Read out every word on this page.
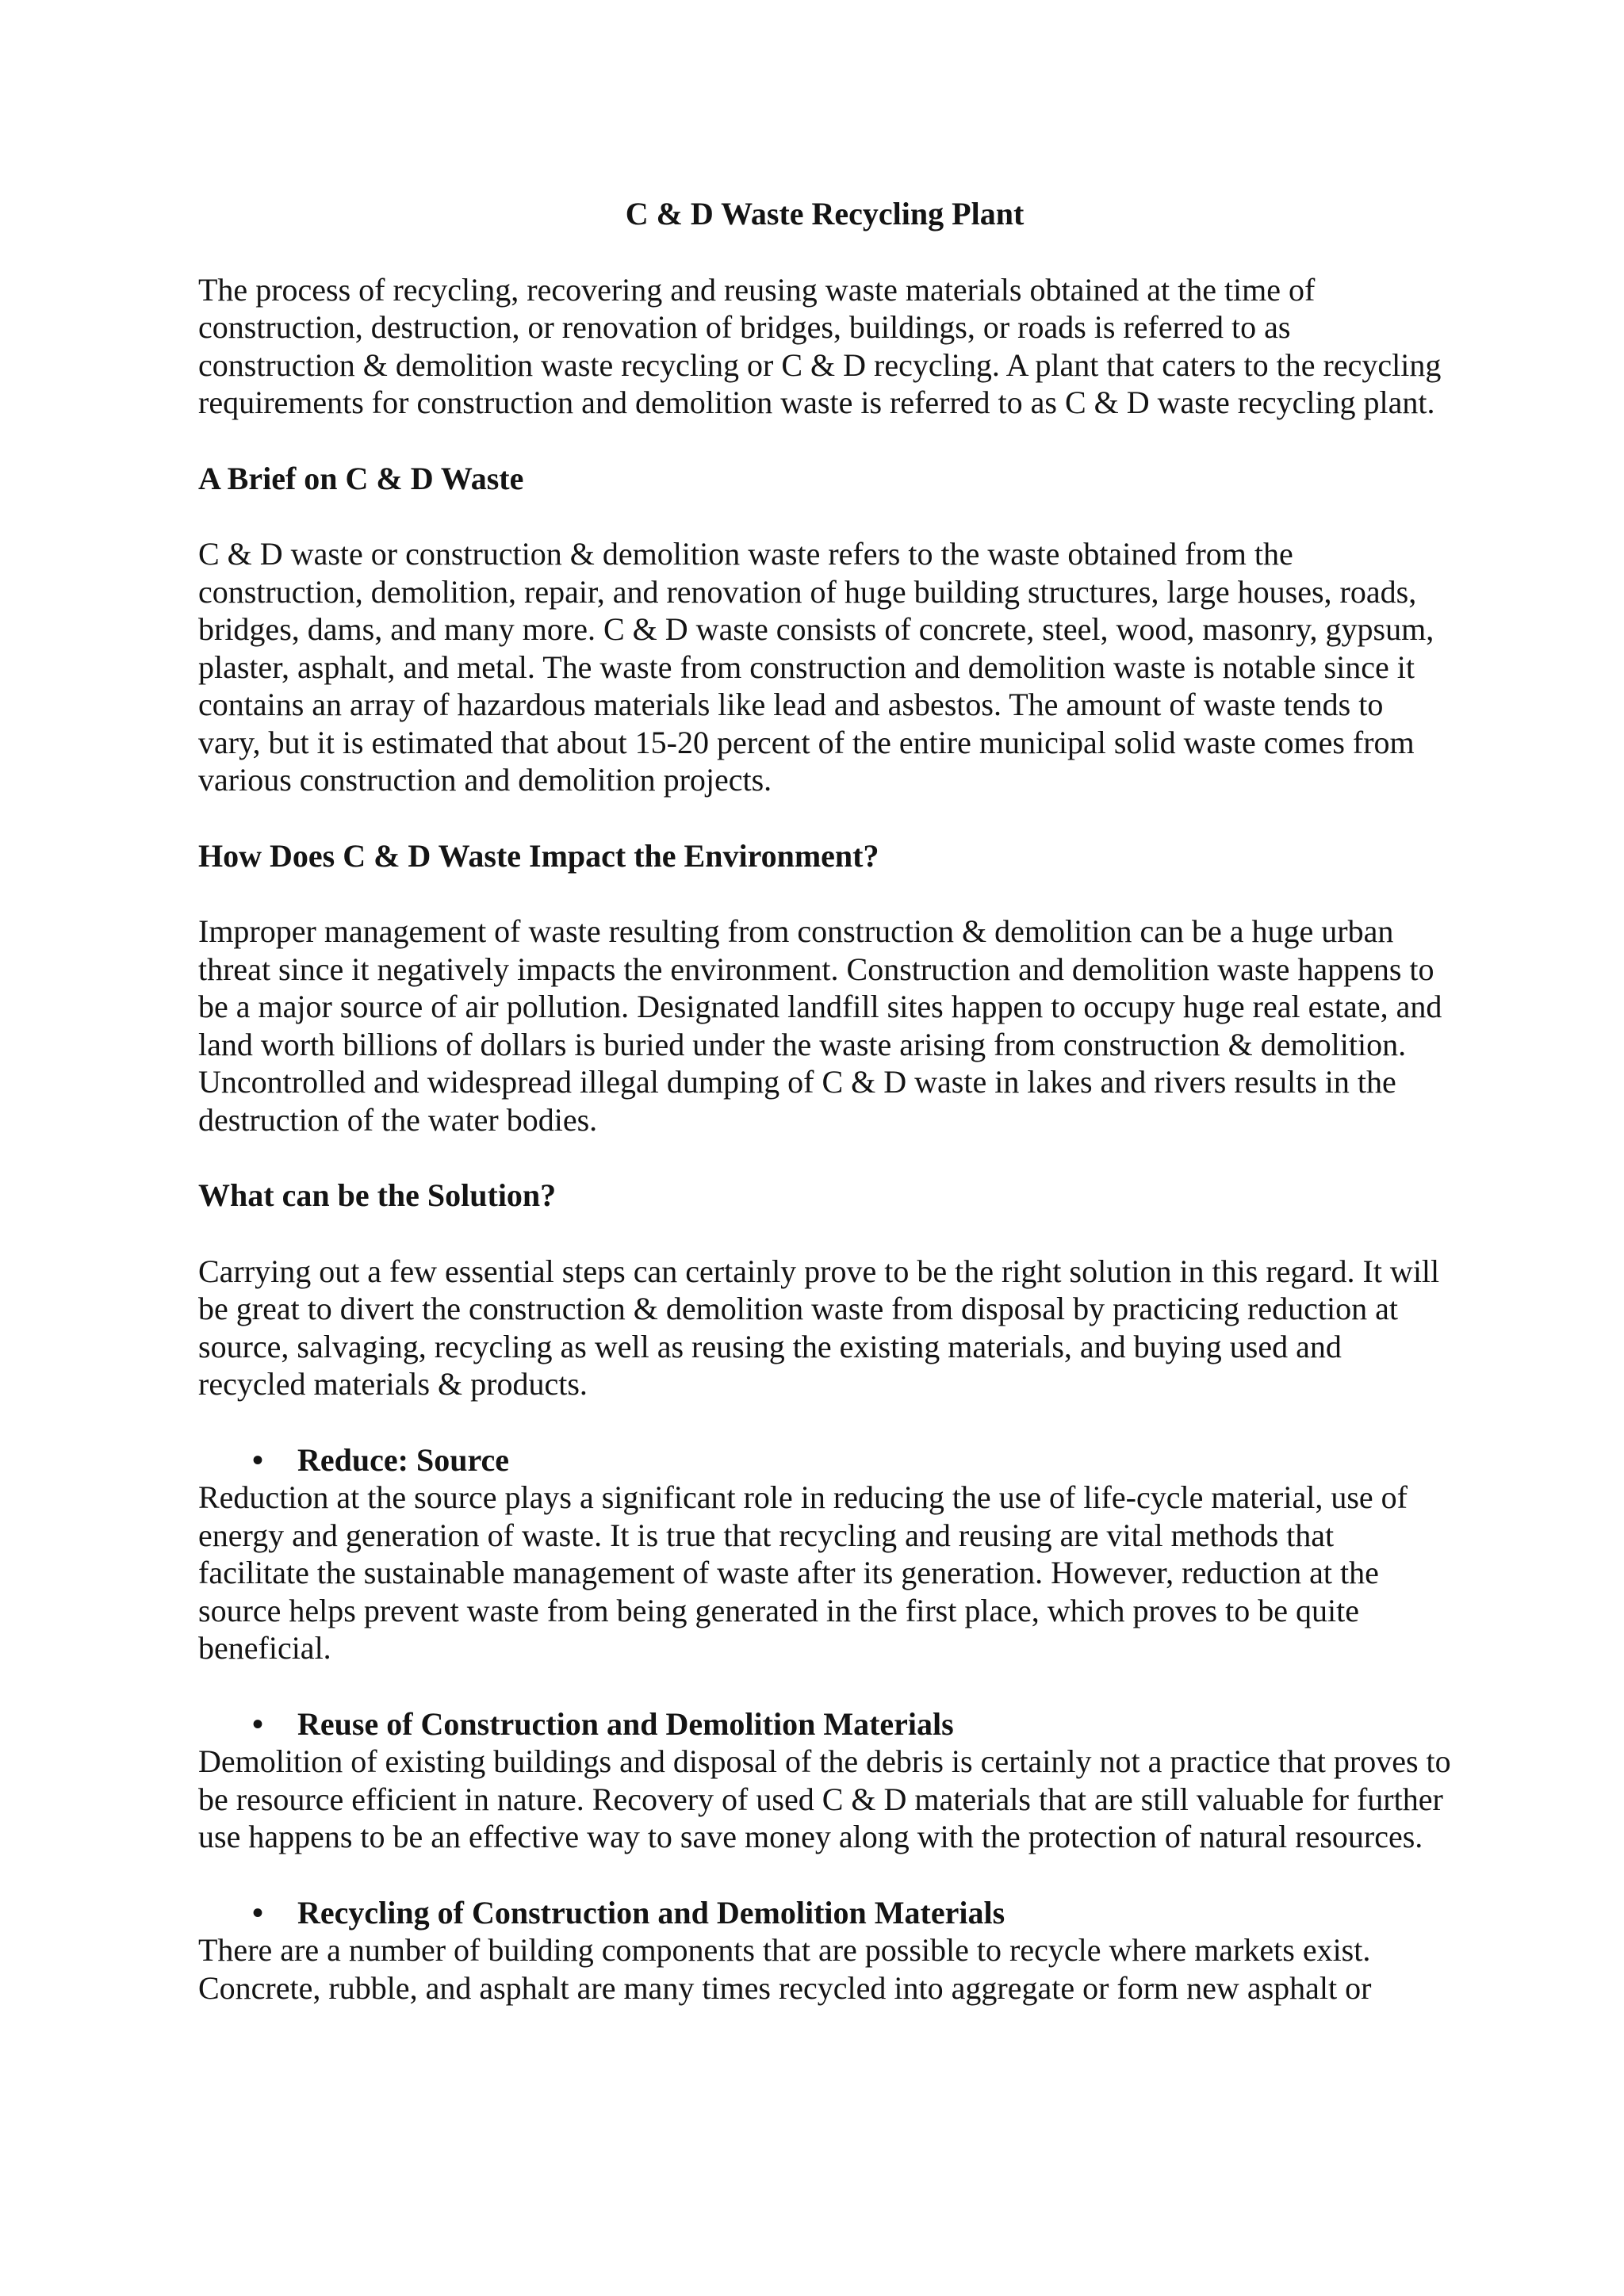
C & D Waste Recycling Plant

The process of recycling, recovering and reusing waste materials obtained at the time of construction, destruction, or renovation of bridges, buildings, or roads is referred to as construction & demolition waste recycling or C & D recycling. A plant that caters to the recycling requirements for construction and demolition waste is referred to as C & D waste recycling plant.

A Brief on C & D Waste

C & D waste or construction & demolition waste refers to the waste obtained from the construction, demolition, repair, and renovation of huge building structures, large houses, roads, bridges, dams, and many more. C & D waste consists of concrete, steel, wood, masonry, gypsum, plaster, asphalt, and metal. The waste from construction and demolition waste is notable since it contains an array of hazardous materials like lead and asbestos. The amount of waste tends to vary, but it is estimated that about 15-20 percent of the entire municipal solid waste comes from various construction and demolition projects.

How Does C & D Waste Impact the Environment?

Improper management of waste resulting from construction & demolition can be a huge urban threat since it negatively impacts the environment. Construction and demolition waste happens to be a major source of air pollution. Designated landfill sites happen to occupy huge real estate, and land worth billions of dollars is buried under the waste arising from construction & demolition. Uncontrolled and widespread illegal dumping of C & D waste in lakes and rivers results in the destruction of the water bodies.

What can be the Solution?

Carrying out a few essential steps can certainly prove to be the right solution in this regard. It will be great to divert the construction & demolition waste from disposal by practicing reduction at source, salvaging, recycling as well as reusing the existing materials, and buying used and recycled materials & products.

• Reduce: Source

Reduction at the source plays a significant role in reducing the use of life-cycle material, use of energy and generation of waste. It is true that recycling and reusing are vital methods that facilitate the sustainable management of waste after its generation. However, reduction at the source helps prevent waste from being generated in the first place, which proves to be quite beneficial.

• Reuse of Construction and Demolition Materials

Demolition of existing buildings and disposal of the debris is certainly not a practice that proves to be resource efficient in nature. Recovery of used C & D materials that are still valuable for further use happens to be an effective way to save money along with the protection of natural resources.

• Recycling of Construction and Demolition Materials

There are a number of building components that are possible to recycle where markets exist. Concrete, rubble, and asphalt are many times recycled into aggregate or form new asphalt or
